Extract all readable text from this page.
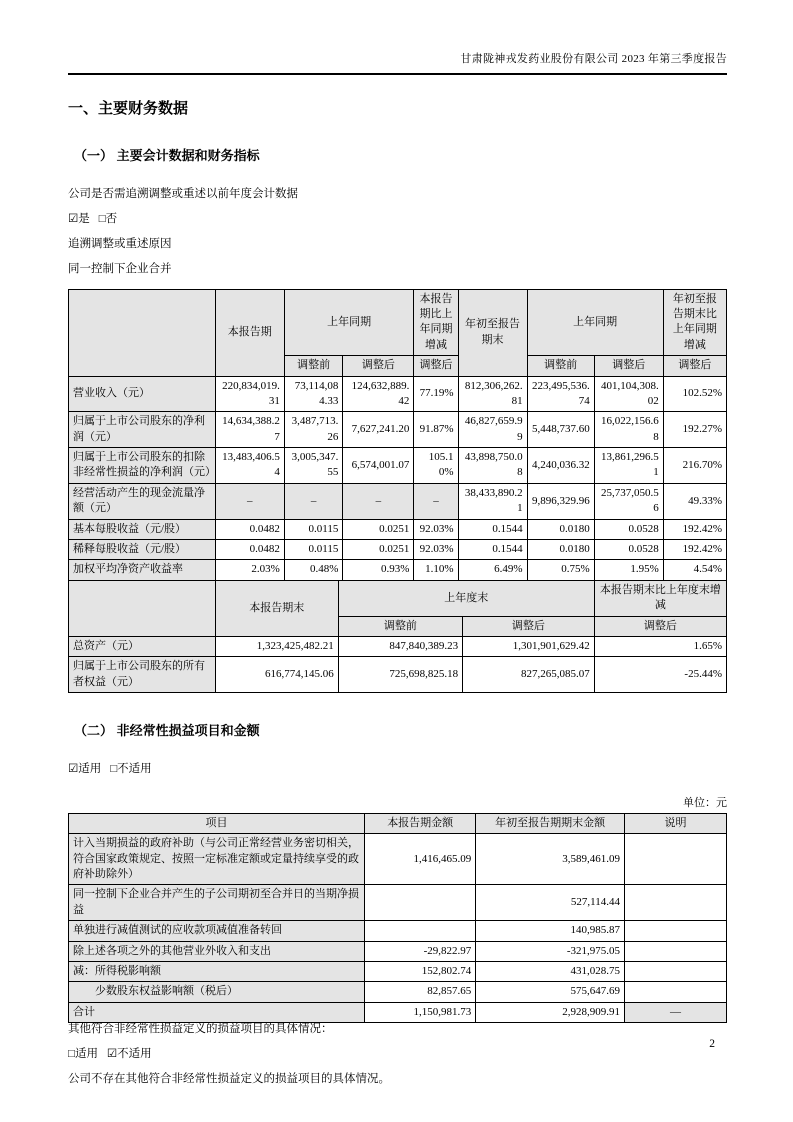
甘肃陇神戎发药业股份有限公司 2023 年第三季度报告
一、主要财务数据
（一） 主要会计数据和财务指标

公司是否需追溯调整或重述以前年度会计数据

☑是 □否

追溯调整或重述原因

同一控制下企业合并

	本报告期	上年同期		本报告期比上年同期增减	年初至报告期末	上年同期		年初至报告期末比上年同期增减
		调整前	调整后	调整后		调整前	调整后	调整后
营业收入（元）	220,834,019.31	73,114,084.33	124,632,889.42	77.19%	812,306,262.81	223,495,536.74	401,104,308.02	102.52%
归属于上市公司股东的净利润（元）	14,634,388.27	3,487,713.26	7,627,241.20	91.87%	46,827,659.99	5,448,737.60	16,022,156.68	192.27%
归属于上市公司股东的扣除非经常性损益的净利润（元）	13,483,406.54	3,005,347.55	6,574,001.07	105.10%	43,898,750.08	4,240,036.32	13,861,296.51	216.70%
经营活动产生的现金流量净额（元）	–	–	–	–	38,433,890.21	9,896,329.96	25,737,050.56	49.33%
基本每股收益（元/股）	0.0482	0.0115	0.0251	92.03%	0.1544	0.0180	0.0528	192.42%
稀释每股收益（元/股）	0.0482	0.0115	0.0251	92.03%	0.1544	0.0180	0.0528	192.42%
加权平均净资产收益率	2.03%	0.48%	0.93%	1.10%	6.49%	0.75%	1.95%	4.54%
	本报告期末	上年度末		本报告期末比上年度末增减
		调整前	调整后	调整后
总资产（元）	1,323,425,482.21	847,840,389.23	1,301,901,629.42	1.65%
归属于上市公司股东的所有者权益（元）	616,774,145.06	725,698,825.18	827,265,085.07	-25.44%
（二） 非经常性损益项目和金额

☑适用 □不适用

单位：元
项目	本报告期金额	年初至报告期期末金额	说明
计入当期损益的政府补助（与公司正常经营业务密切相关，符合国家政策规定、按照一定标准定额或定量持续享受的政府补助除外）	1,416,465.09	3,589,461.09	
同一控制下企业合并产生的子公司期初至合并日的当期净损益		527,114.44	
单独进行减值测试的应收款项减值准备转回		140,985.87	
除上述各项之外的其他营业外收入和支出	-29,822.97	-321,975.05	
减：所得税影响额	152,802.74	431,028.75	
少数股东权益影响额（税后）	82,857.65	575,647.69	
合计	1,150,981.73	2,928,909.91	—

其他符合非经常性损益定义的损益项目的具体情况：

□适用 ☑不适用

公司不存在其他符合非经常性损益定义的损益项目的具体情况。

2
